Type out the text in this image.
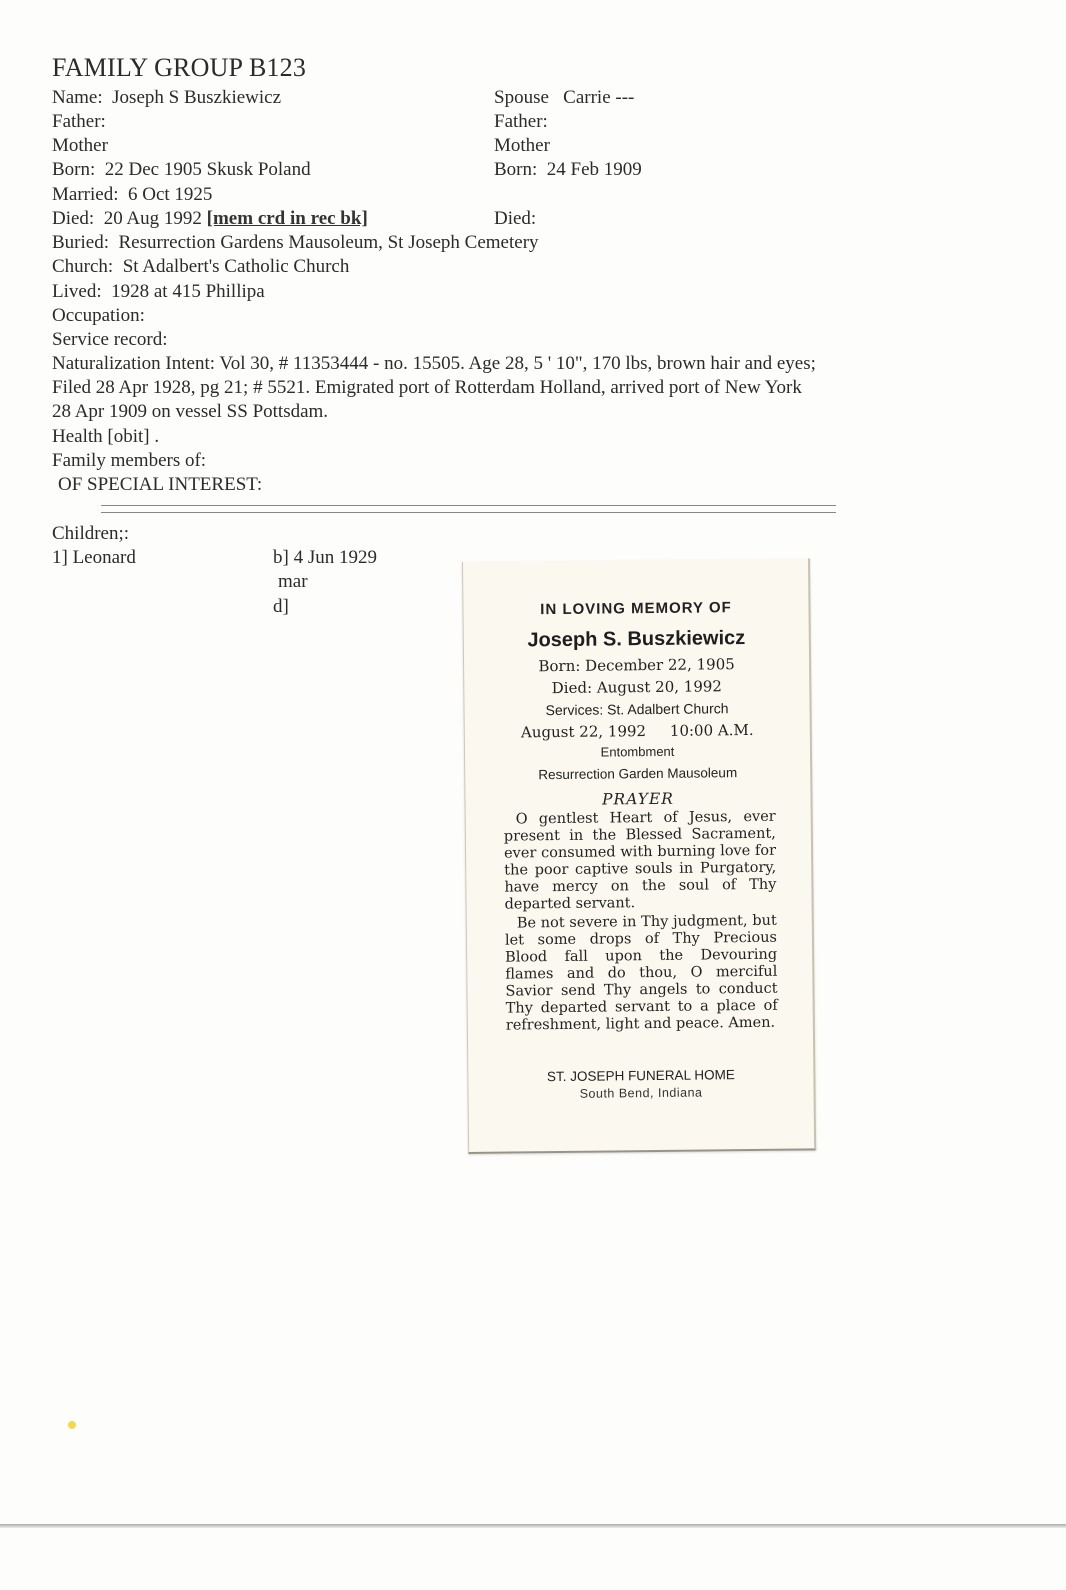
FAMILY GROUP B123
Name: Joseph S Buszkiewicz
Father:
Mother
Born: 22 Dec 1905 Skusk Poland
Married: 6 Oct 1925
Died: 20 Aug 1992 [mem crd in rec bk]
Buried: Resurrection Gardens Mausoleum, St Joseph Cemetery
Church: St Adalbert's Catholic Church
Lived: 1928 at 415 Phillipa
Occupation:
Service record:
Naturalization Intent: Vol 30, # 11353444 - no. 15505. Age 28, 5 ' 10", 170 lbs, brown hair and eyes;
Filed 28 Apr 1928, pg 21; # 5521. Emigrated port of Rotterdam Holland, arrived port of New York
28 Apr 1909 on vessel SS Pottsdam.
Health [obit] .
Family members of:
OF SPECIAL INTEREST:
Spouse Carrie ---
Father:
Mother
Born: 24 Feb 1909
Died:
Children;:
1] Leonard	b] 4 Jun 1929
mar
d]	IN LOVING MEMORY OF
Joseph S. Buszkiewicz
Born: December 22, 1905
Died: August 20, 1992
Services: St. Adalbert Church
August 22, 1992 10:00 A.M.
Entombment
Resurrection Garden Mausoleum
PRAYER

O gentlest Heart of Jesus, ever present in the Blessed Sacrament, ever consumed with burning love for the poor captive souls in Purgatory, have mercy on the soul of Thy departed servant.

Be not severe in Thy judgment, but let some drops of Thy Precious Blood fall upon the Devouring flames and do thou, O merciful Savior send Thy angels to conduct Thy departed servant to a place of refreshment, light and peace. Amen.

ST. JOSEPH FUNERAL HOME
South Bend, Indiana
